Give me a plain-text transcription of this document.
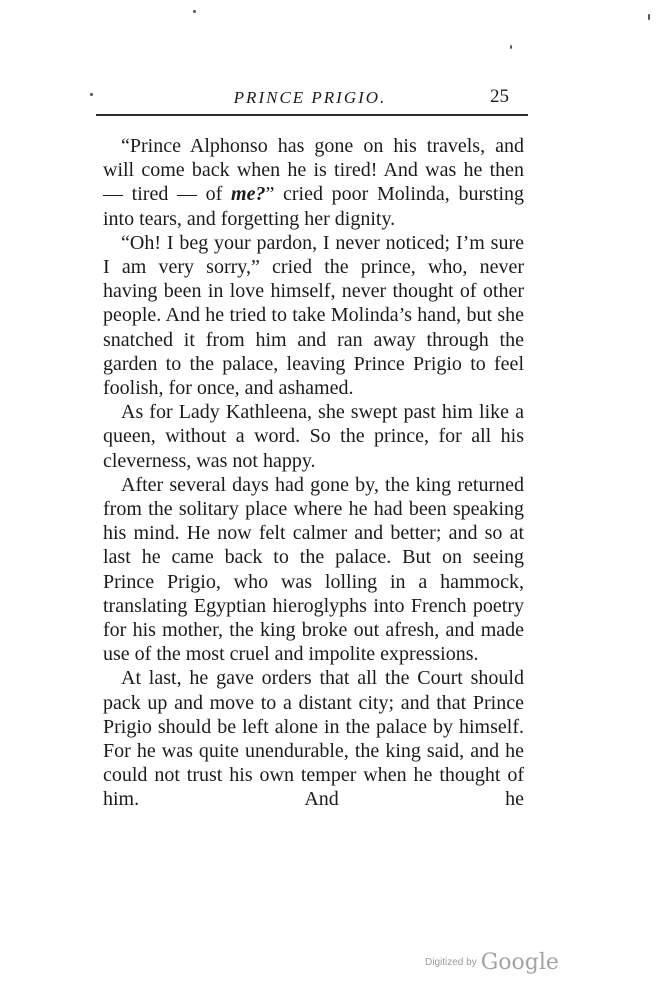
PRINCE PRIGIO.	25

“Prince Alphonso has gone on his travels, and will come back when he is tired! And was he then — tired — of me?” cried poor Molinda, bursting into tears, and forgetting her dignity.

“Oh! I beg your pardon, I never noticed; I’m sure I am very sorry,” cried the prince, who, never having been in love himself, never thought of other people. And he tried to take Molinda’s hand, but she snatched it from him and ran away through the garden to the palace, leaving Prince Prigio to feel foolish, for once, and ashamed.

As for Lady Kathleena, she swept past him like a queen, without a word. So the prince, for all his cleverness, was not happy.

After several days had gone by, the king returned from the solitary place where he had been speaking his mind. He now felt calmer and better; and so at last he came back to the palace. But on seeing Prince Prigio, who was lolling in a hammock, translating Egyptian hieroglyphs into French poetry for his mother, the king broke out afresh, and made use of the most cruel and impolite expressions.

At last, he gave orders that all the Court should pack up and move to a distant city; and that Prince Prigio should be left alone in the palace by himself. For he was quite unendurable, the king said, and he could not trust his own temper when he thought of him. And he

Digitized by Google
